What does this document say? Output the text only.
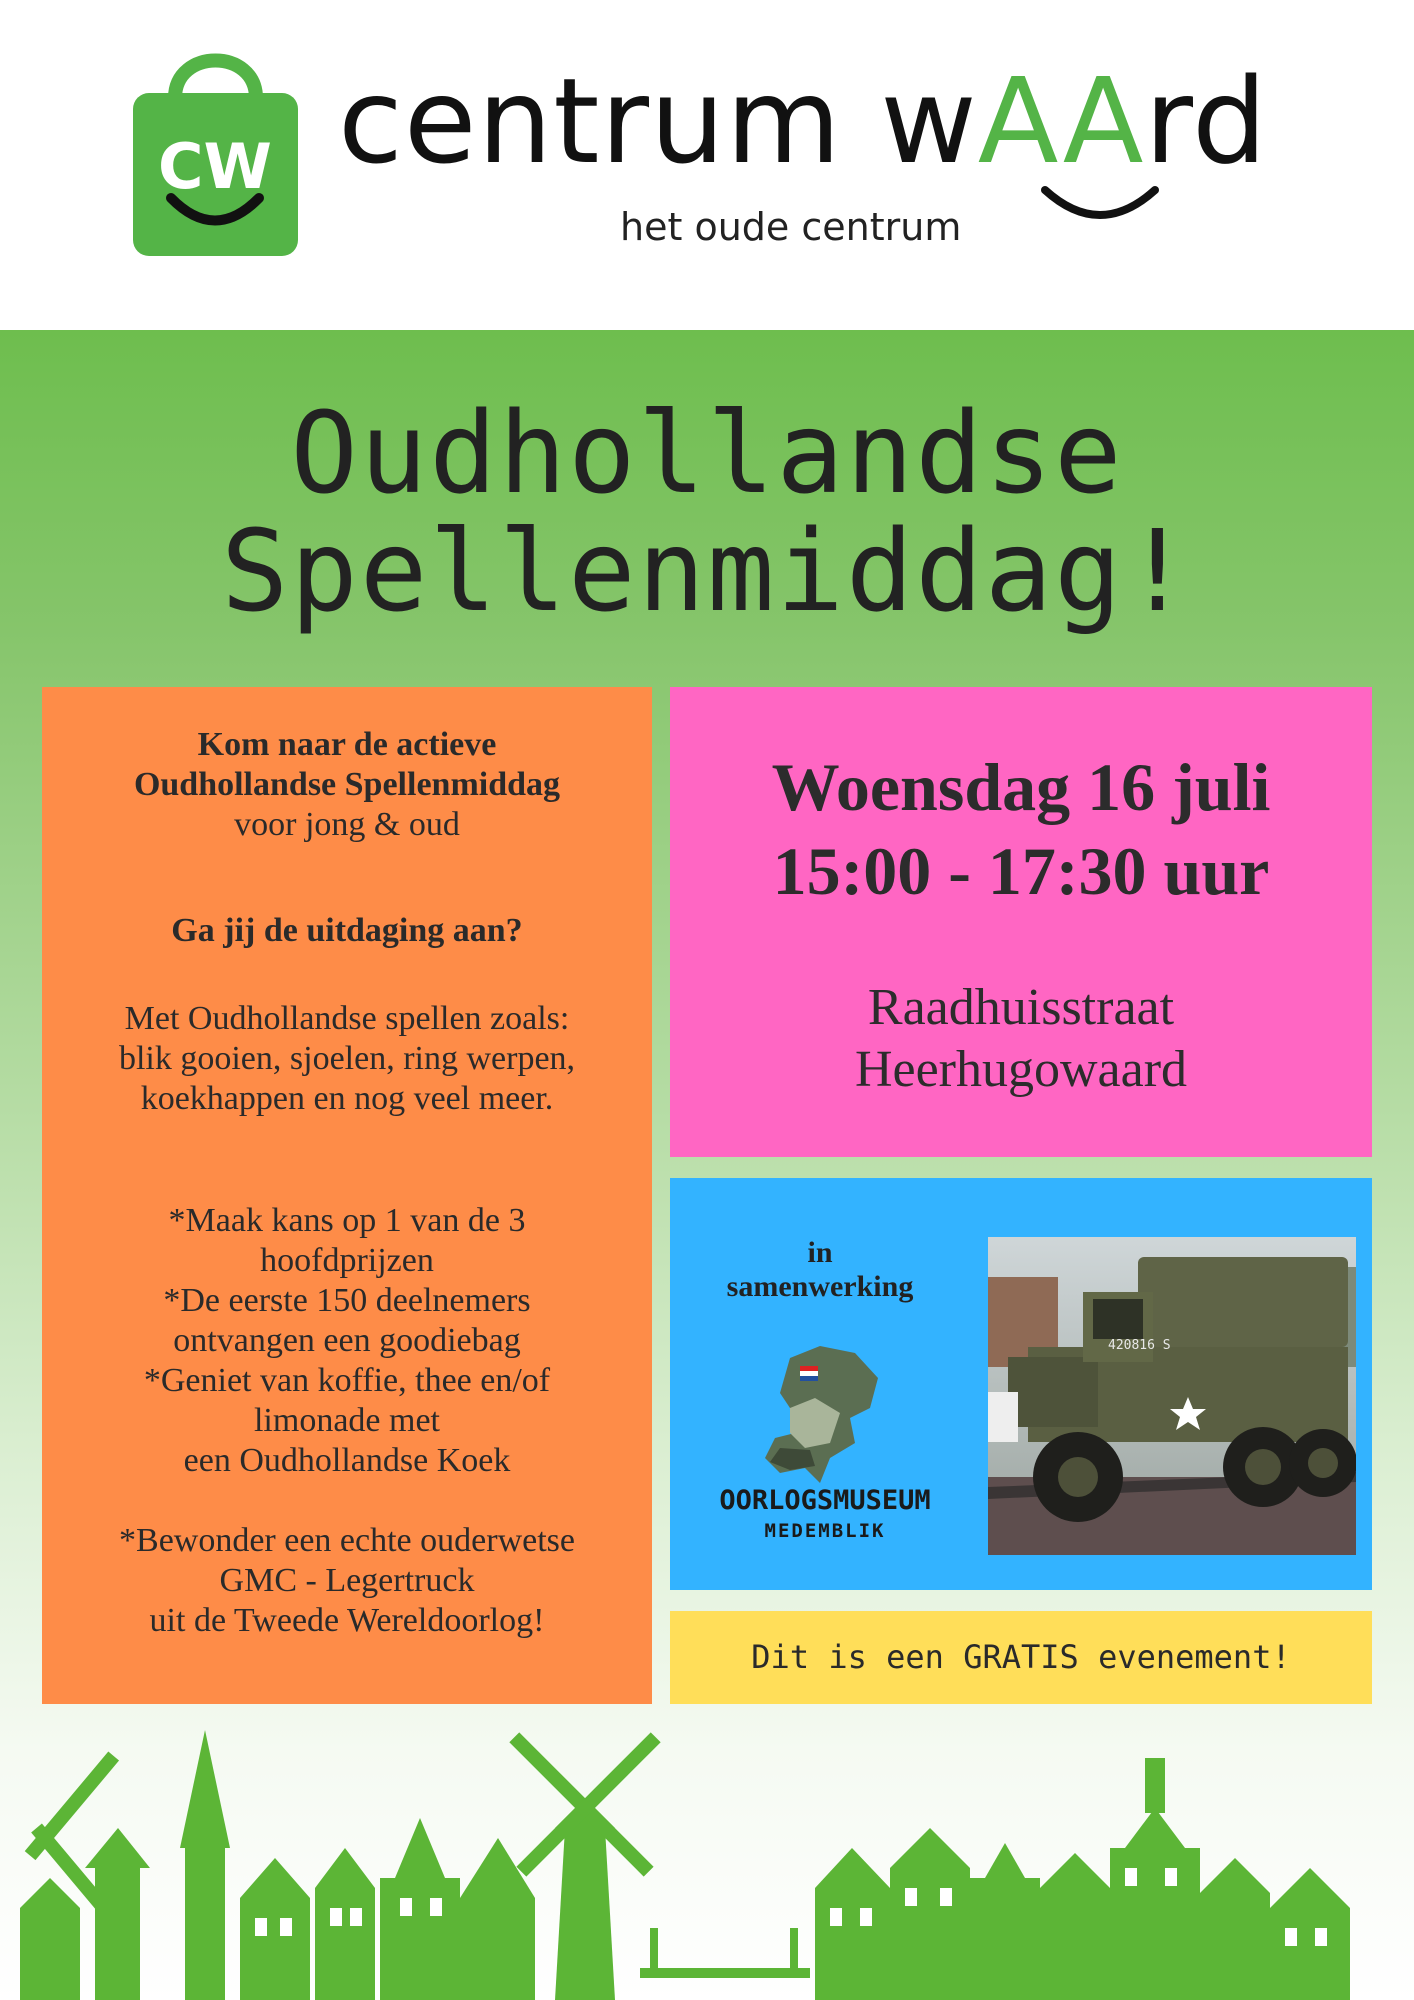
CW centrum wAArd
het oude centrum
Oudhollandse
Spellenmiddag!

Kom naar de actieve

Oudhollandse Spellenmiddag

voor jong & oud

Ga jij de uitdaging aan?

Met Oudhollandse spellen zoals:

blik gooien, sjoelen, ring werpen,

koekhappen en nog veel meer.

*Maak kans op 1 van de 3

hoofdprijzen

*De eerste 150 deelnemers

ontvangen een goodiebag

*Geniet van koffie, thee en/of

limonade met

een Oudhollandse Koek

*Bewonder een echte ouderwetse

GMC - Legertruck

uit de Tweede Wereldoorlog!

Woensdag 16 juli
15:00 - 17:30 uur
Raadhuisstraat
Heerhugowaard
in
samenwerking
OORLOGSMUSEUM
MEDEMBLIK
420816 S
Dit is een GRATIS evenement!
